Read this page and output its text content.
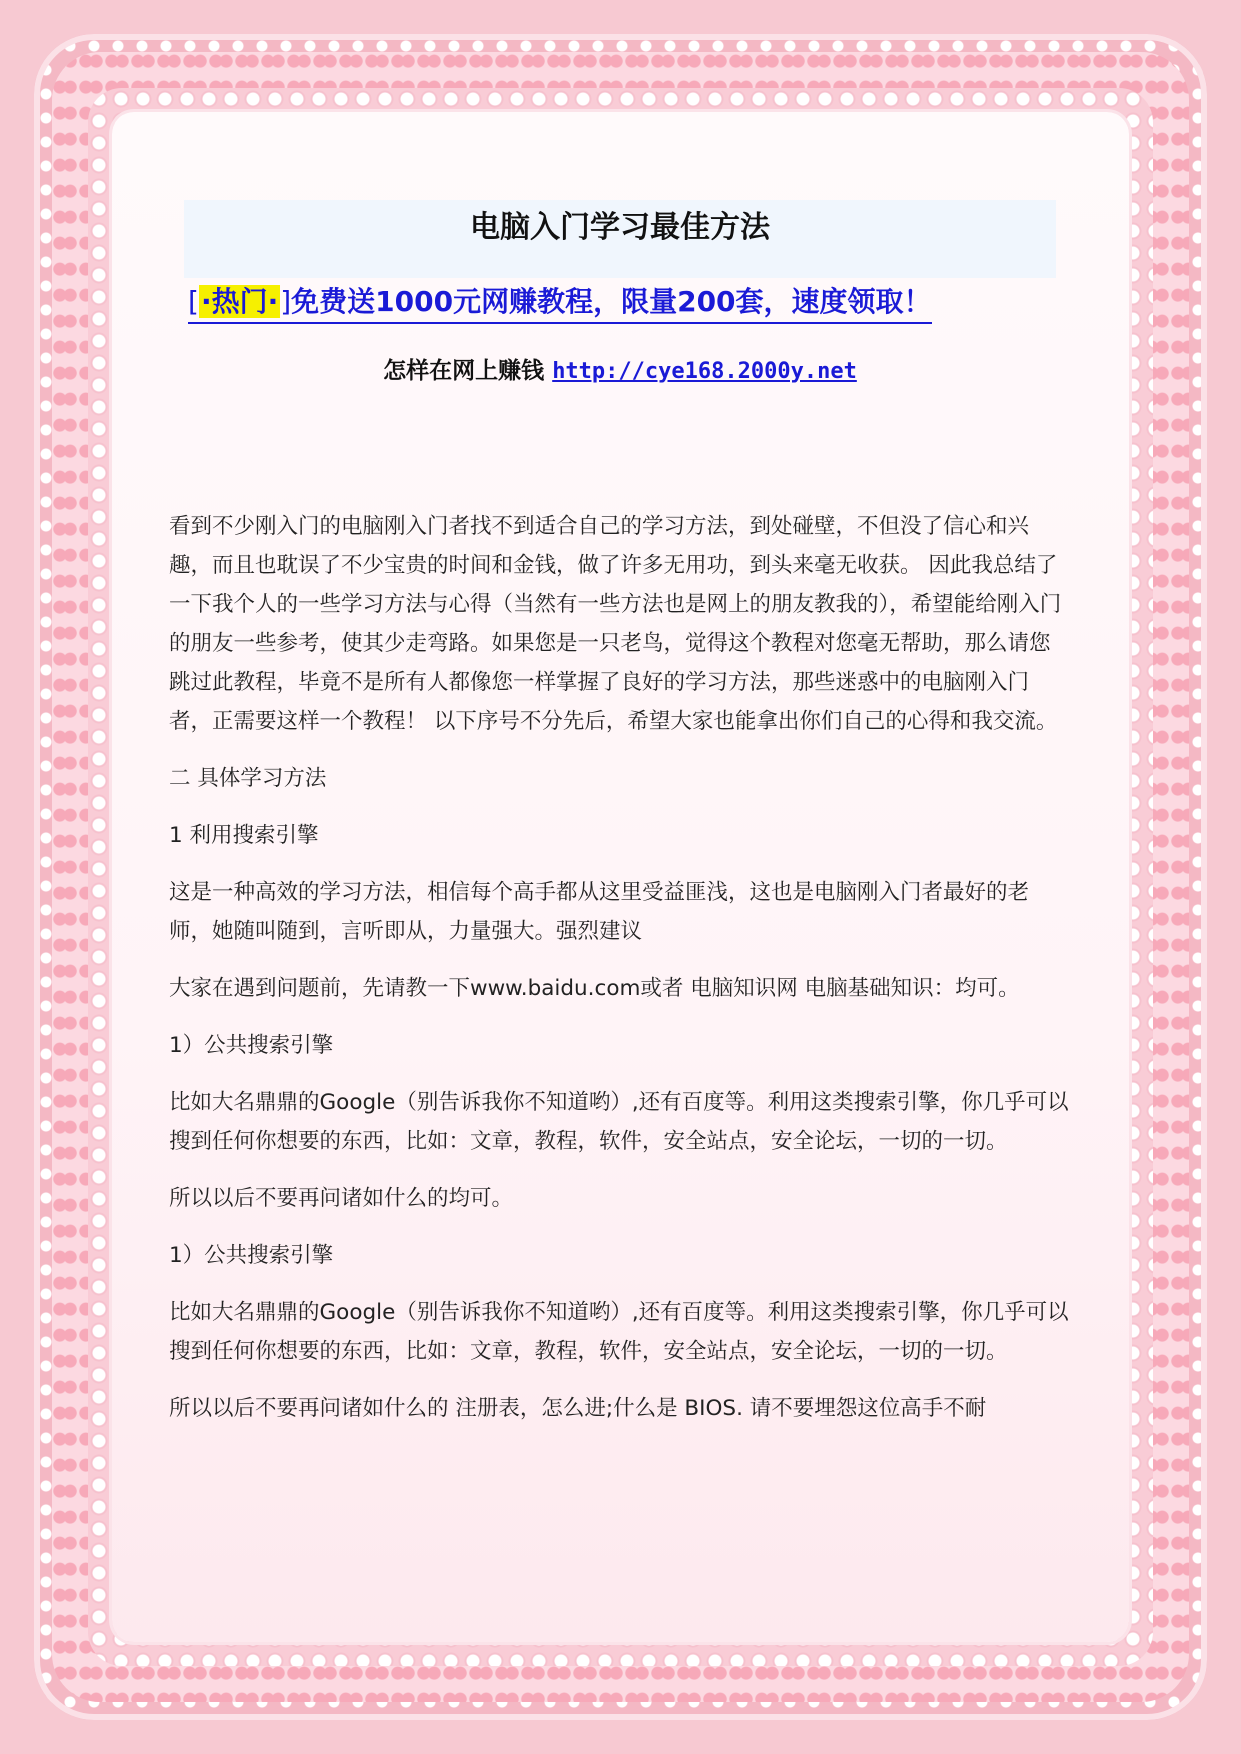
电脑入门学习最佳方法
[·热门·]免费送1000元网赚教程，限量200套，速度领取！
怎样在网上赚钱 http://cye168.2000y.net

看到不少刚入门的电脑刚入门者找不到适合自己的学习方法，到处碰壁，不但没了信心和兴趣，而且也耽误了不少宝贵的时间和金钱，做了许多无用功，到头来毫无收获。 因此我总结了一下我个人的一些学习方法与心得（当然有一些方法也是网上的朋友教我的），希望能给刚入门的朋友一些参考，使其少走弯路。如果您是一只老鸟，觉得这个教程对您毫无帮助，那么请您跳过此教程，毕竟不是所有人都像您一样掌握了良好的学习方法，那些迷惑中的电脑刚入门者，正需要这样一个教程！ 以下序号不分先后，希望大家也能拿出你们自己的心得和我交流。

二 具体学习方法

1 利用搜索引擎

这是一种高效的学习方法，相信每个高手都从这里受益匪浅，这也是电脑刚入门者最好的老师，她随叫随到，言听即从，力量强大。强烈建议

大家在遇到问题前，先请教一下www.baidu.com或者 电脑知识网 电脑基础知识：均可。

1）公共搜索引擎

比如大名鼎鼎的Google（别告诉我你不知道哟）,还有百度等。利用这类搜索引擎，你几乎可以搜到任何你想要的东西，比如：文章，教程，软件，安全站点，安全论坛，一切的一切。

所以以后不要再问诸如什么的均可。

1）公共搜索引擎

比如大名鼎鼎的Google（别告诉我你不知道哟）,还有百度等。利用这类搜索引擎，你几乎可以搜到任何你想要的东西，比如：文章，教程，软件，安全站点，安全论坛，一切的一切。

所以以后不要再问诸如什么的 注册表，怎么进;什么是 BIOS. 请不要埋怨这位高手不耐
